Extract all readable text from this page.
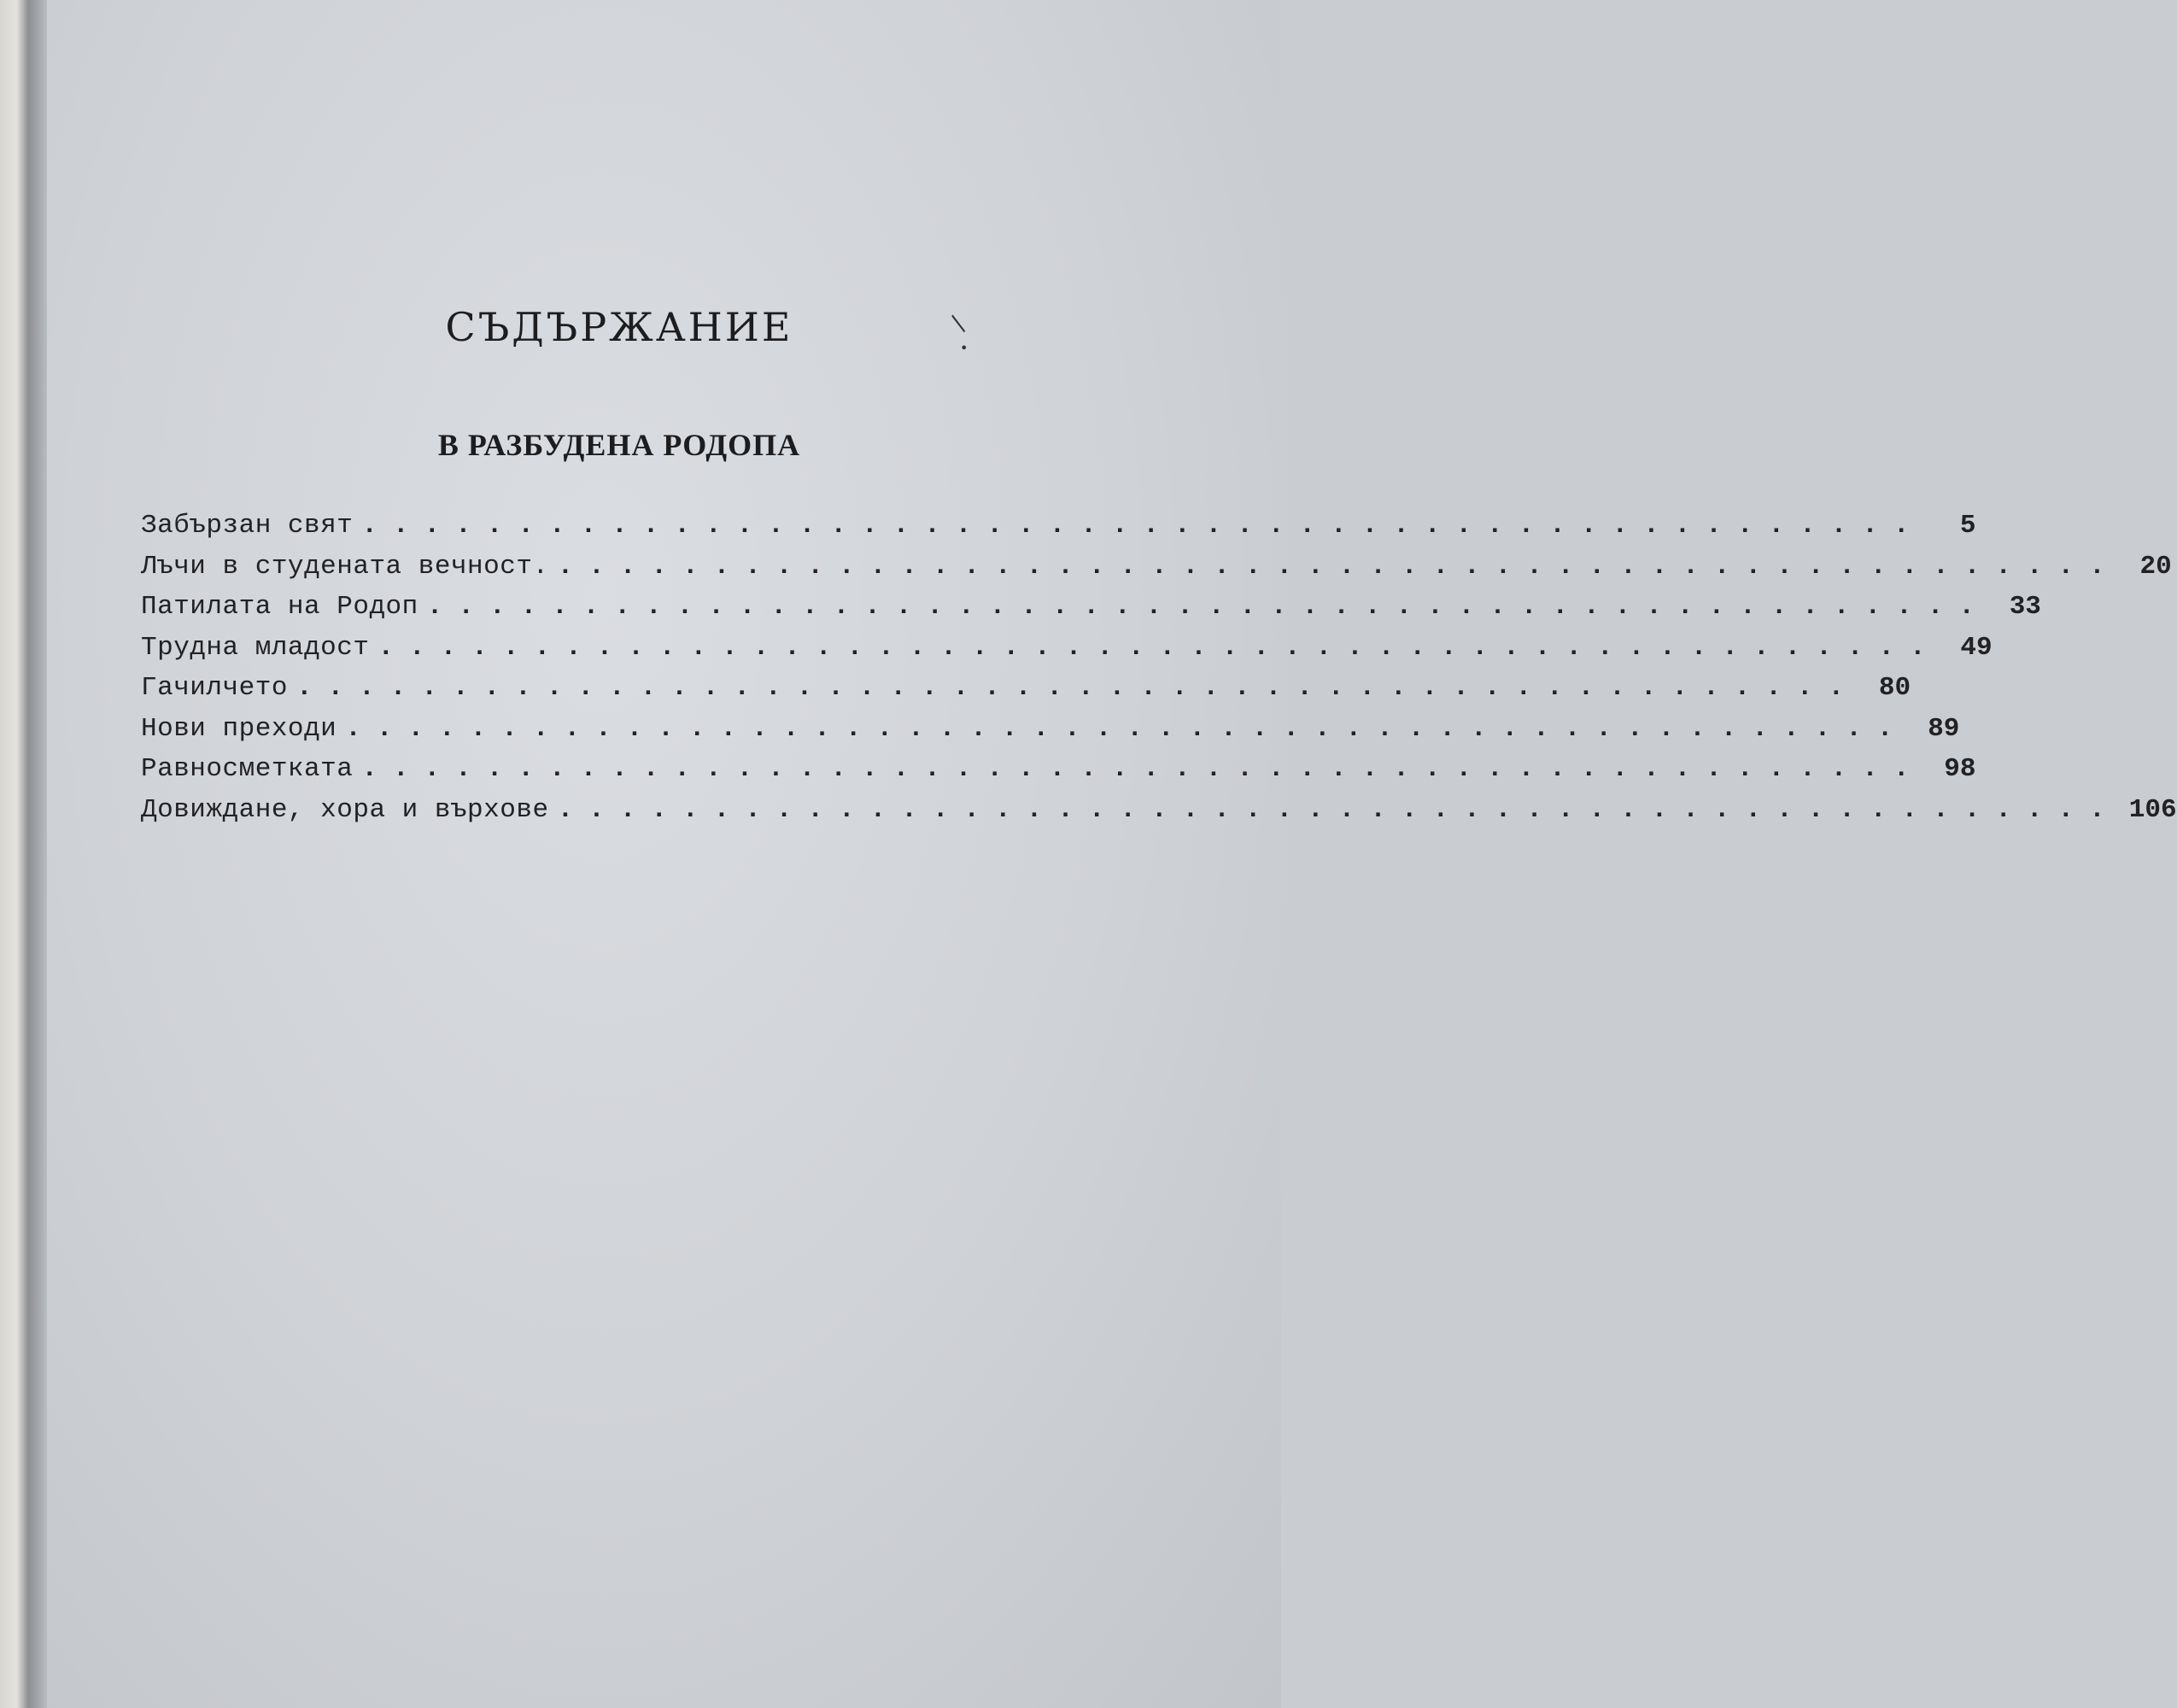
/
•
СЪДЪРЖАНИЕ
В РАЗБУДЕНА РОДОПА
Забързан свят ..................................................	5
Лъчи в студената вечност. .................................................. 20
Патилата на Родоп .................................................. 33
Трудна младост .................................................. 49
Гачилчето .................................................. 80
Нови преходи .................................................. 89
Равносметката .................................................. 98
Довиждане, хора и върхове .................................................. 106
